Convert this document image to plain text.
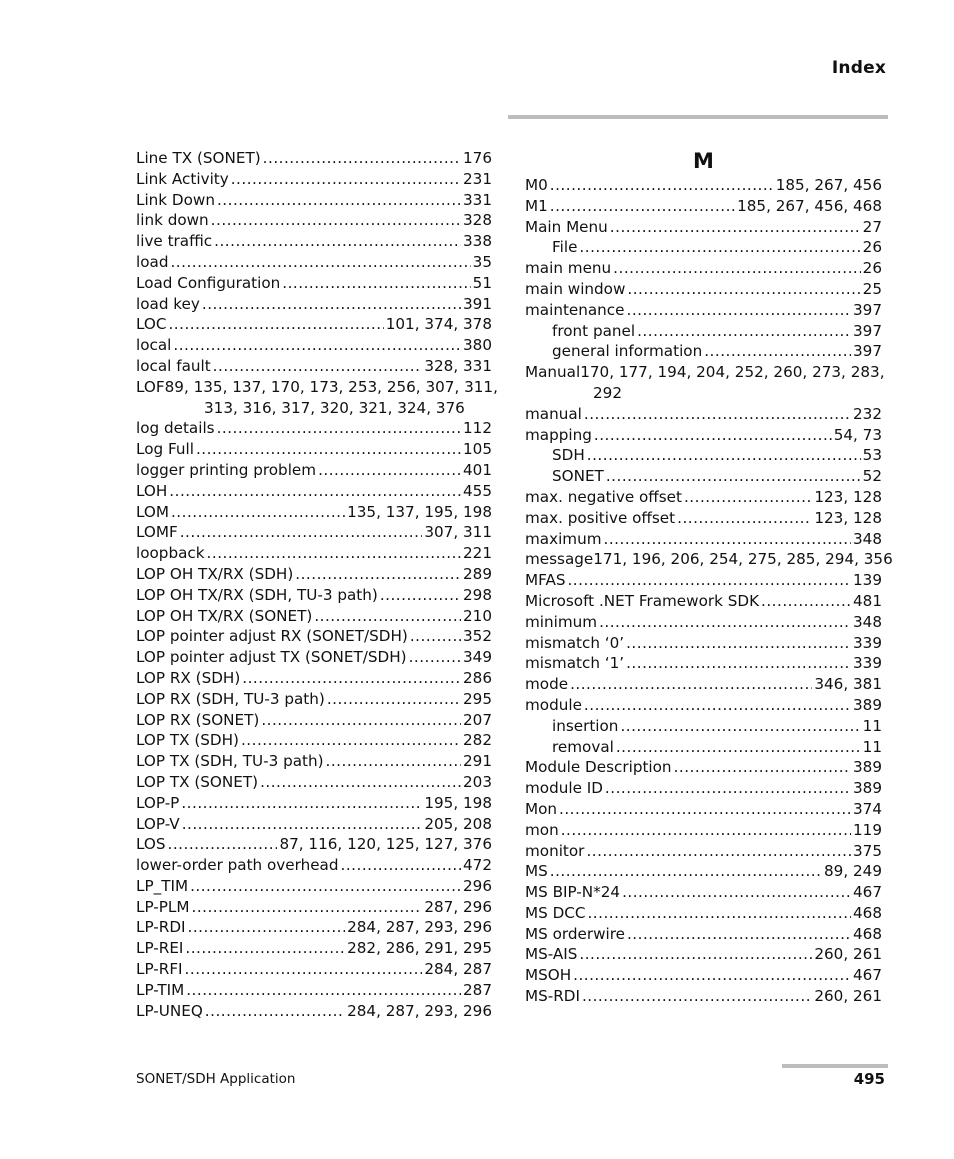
Index
Line TX (SONET) .....	176
Link Activity .....	231
Link Down .....	331
link down .....	328
live traffic .....	338
load .....	35
Load Configuration .....	51
load key .....	391
LOC .....	101, 374, 378
local .....	380
local fault .....	328, 331
LOF 89, 135, 137, 170, 173, 253, 256, 307, 311,
313, 316, 317, 320, 321, 324, 376
log details .....	112
Log Full .....	105
logger printing problem .....	401
LOH .....	455
LOM .....	135, 137, 195, 198
LOMF .....	307, 311
loopback .....	221
LOP OH TX/RX (SDH) .....	289
LOP OH TX/RX (SDH, TU-3 path) .....	298
LOP OH TX/RX (SONET) .....	210
LOP pointer adjust RX (SONET/SDH) .....	352
LOP pointer adjust TX (SONET/SDH) .....	349
LOP RX (SDH) .....	286
LOP RX (SDH, TU-3 path) .....	295
LOP RX (SONET) .....	207
LOP TX (SDH) .....	282
LOP TX (SDH, TU-3 path) .....	291
LOP TX (SONET) .....	203
LOP-P .....	195, 198
LOP-V .....	205, 208
LOS .....	87, 116, 120, 125, 127, 376
lower-order path overhead .....	472
LP_TIM .....	296
LP-PLM .....	287, 296
LP-RDI .....	284, 287, 293, 296
LP-REI .....	282, 286, 291, 295
LP-RFI .....	284, 287
LP-TIM .....	287
LP-UNEQ .....	284, 287, 293, 296
M
M0 .....	185, 267, 456
M1 .....	185, 267, 456, 468
Main Menu .....	27
File .....	26
main menu .....	26
main window .....	25
maintenance .....	397
front panel .....	397
general information .....	397
Manual 170, 177, 194, 204, 252, 260, 273, 283,
292
manual .....	232
mapping .....	54, 73
SDH .....	53
SONET .....	52
max. negative offset .....	123, 128
max. positive offset .....	123, 128
maximum .....	348
message 171, 196, 206, 254, 275, 285, 294, 356
MFAS .....	139
Microsoft .NET Framework SDK .....	481
minimum .....	348
mismatch ‘0’ .....	339
mismatch ‘1’ .....	339
mode .....	346, 381
module .....	389
insertion .....	11
removal .....	11
Module Description .....	389
module ID .....	389
Mon .....	374
mon .....	119
monitor .....	375
MS .....	89, 249
MS BIP-N*24 .....	467
MS DCC .....	468
MS orderwire .....	468
MS-AIS .....	260, 261
MSOH .....	467
MS-RDI .....	260, 261
SONET/SDH Application	495
